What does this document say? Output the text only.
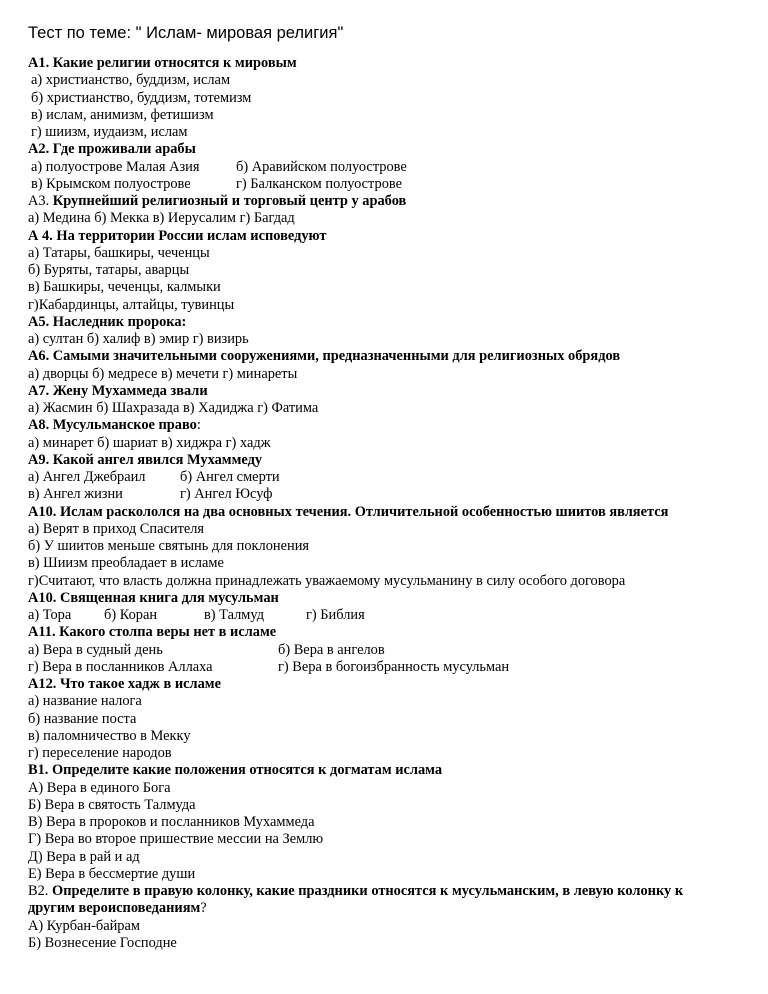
Тест по теме: " Ислам- мировая религия"
А1. Какие религии относятся к мировым
а) христианство, буддизм, ислам
б) христианство, буддизм, тотемизм
в) ислам, анимизм, фетишизм
г) шиизм, иудаизм, ислам
А2. Где проживали арабы
а) полуострове Малая Азия	б) Аравийском полуострове
в) Крымском полуострове	г) Балканском полуострове
А3. Крупнейший религиозный и торговый центр у арабов
а) Медина б) Мекка в) Иерусалим г) Багдад
А 4. На территории России ислам исповедуют
а) Татары, башкиры, чеченцы
б) Буряты, татары, аварцы
в) Башкиры, чеченцы, калмыки
г)Кабардинцы, алтайцы, тувинцы
А5. Наследник пророка:
а) султан б) халиф в) эмир г) визирь
А6. Самыми значительными сооружениями, предназначенными для религиозных обрядов
а) дворцы б) медресе в) мечети г) минареты
А7. Жену Мухаммеда звали
а) Жасмин б) Шахразада в) Хадиджа г) Фатима
А8. Мусульманское право:
а) минарет б) шариат в) хиджра г) хадж
А9. Какой ангел явился Мухаммеду
а) Ангел Джебраил б) Ангел смерти
в) Ангел жизни	г) Ангел Юсуф
А10. Ислам раскололся на два основных течения. Отличительной особенностью шиитов является
а) Верят в приход Спасителя
б) У шиитов меньше святынь для поклонения
в) Шиизм преобладает в исламе
г)Считают, что власть должна принадлежать уважаемому мусульманину в силу особого договора
А10. Священная книга для мусульман
а) Тора б) Коран	в) Талмуд	г) Библия
А11. Какого столпа веры нет в исламе
а) Вера в судный день	б) Вера в ангелов
г) Вера в посланников Аллаха	г) Вера в богоизбранность мусульман
А12. Что такое хадж в исламе
а) название налога
б) название поста
в) паломничество в Мекку
г) переселение народов
В1. Определите какие положения относятся к догматам ислама
А) Вера в единого Бога
Б) Вера в святость Талмуда
В) Вера в пророков и посланников Мухаммеда
Г) Вера во второе пришествие мессии на Землю
Д) Вера в рай и ад
Е) Вера в бессмертие души
В2. Определите в правую колонку, какие праздники относятся к мусульманским, в левую колонку к другим вероисповеданиям?
А) Курбан-байрам
Б) Вознесение Господне
